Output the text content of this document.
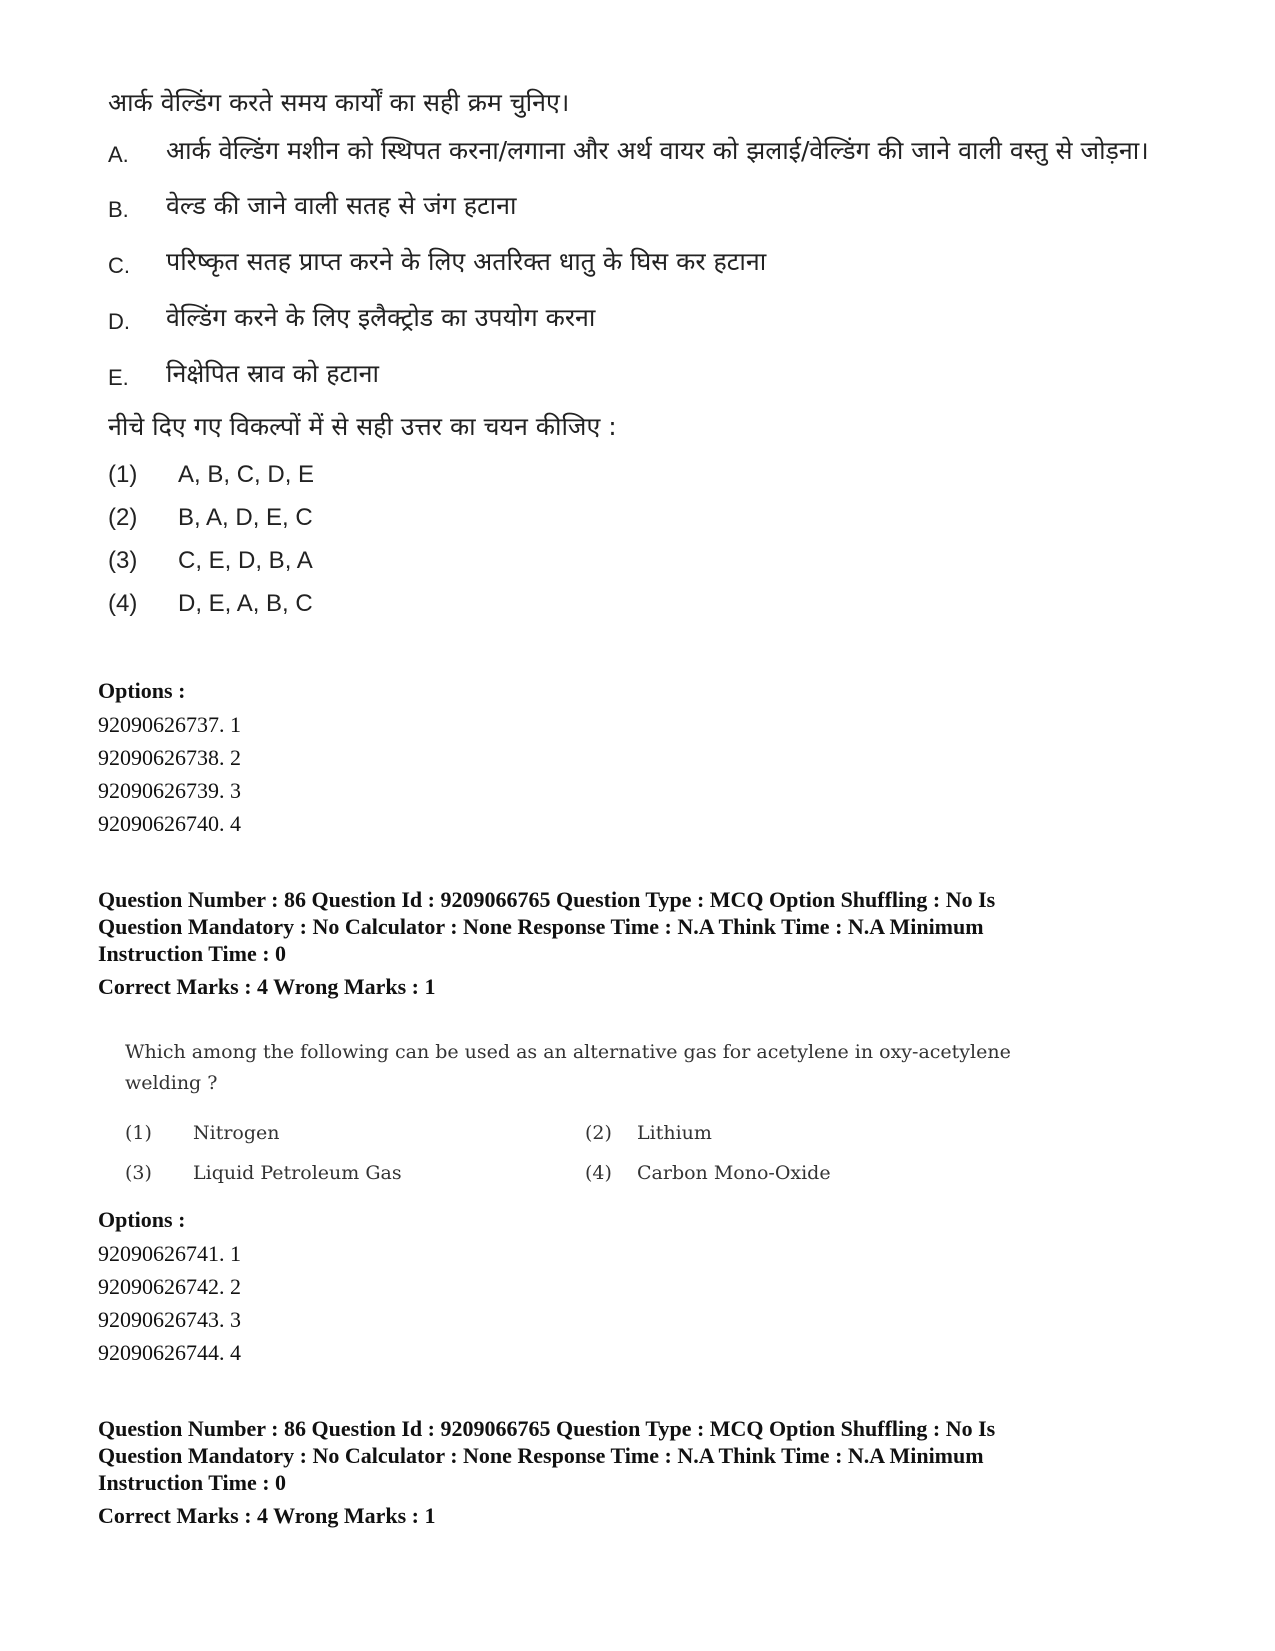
आर्क वेल्डिंग करते समय कार्यों का सही क्रम चुनिए।
A.	आर्क वेल्डिंग मशीन को स्थिपत करना/लगाना और अर्थ वायर को झलाई/वेल्डिंग की जाने वाली वस्तु से जोड़ना।
B.	वेल्ड की जाने वाली सतह से जंग हटाना
C.	परिष्कृत सतह प्राप्त करने के लिए अतरिक्त धातु के घिस कर हटाना
D.	वेल्डिंग करने के लिए इलैक्ट्रोड का उपयोग करना
E.	निक्षेपित स्राव को हटाना
नीचे दिए गए विकल्पों में से सही उत्तर का चयन कीजिए :
(1)	A, B, C, D, E
(2)	B, A, D, E, C
(3)	C, E, D, B, A
(4)	D, E, A, B, C
Options :
92090626737. 1
92090626738. 2
92090626739. 3
92090626740. 4
Question Number : 86 Question Id : 9209066765 Question Type : MCQ Option Shuffling : No Is
Question Mandatory : No Calculator : None Response Time : N.A Think Time : N.A Minimum
Instruction Time : 0
Correct Marks : 4 Wrong Marks : 1
Which among the following can be used as an alternative gas for acetylene in oxy-acetylene
welding ?
(1)	Nitrogen	(2)	Lithium
(3)	Liquid Petroleum Gas	(4)	Carbon Mono-Oxide
Options :
92090626741. 1
92090626742. 2
92090626743. 3
92090626744. 4
Question Number : 86 Question Id : 9209066765 Question Type : MCQ Option Shuffling : No Is
Question Mandatory : No Calculator : None Response Time : N.A Think Time : N.A Minimum
Instruction Time : 0
Correct Marks : 4 Wrong Marks : 1
